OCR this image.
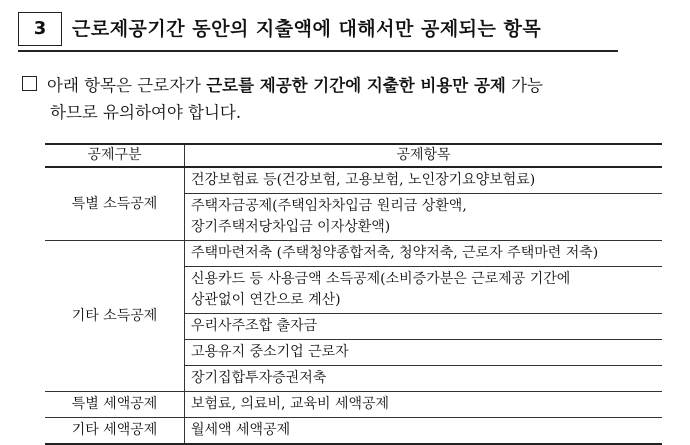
3	근로제공기간 동안의 지출액에 대해서만 공제되는 항목
아래 항목은 근로자가 근로를 제공한 기간에 지출한 비용만 공제 가능
하므로 유의하여야 합니다.
공제구분	공제항목
특별 소득공제	건강보험료 등(건강보험, 고용보험, 노인장기요양보험료)

	주택자금공제(주택임차차입금 원리금 상환액,
장기주택저당차입금 이자상환액)

기타 소득공제	주택마련저축 (주택청약종합저축, 청약저축, 근로자 주택마련 저축)

	신용카드 등 사용금액 소득공제(소비증가분은 근로제공 기간에
상관없이 연간으로 계산)

	우리사주조합 출자금

	고용유지 중소기업 근로자

	장기집합투자증권저축

특별 세액공제	보험료, 의료비, 교육비 세액공제

기타 세액공제	월세액 세액공제
